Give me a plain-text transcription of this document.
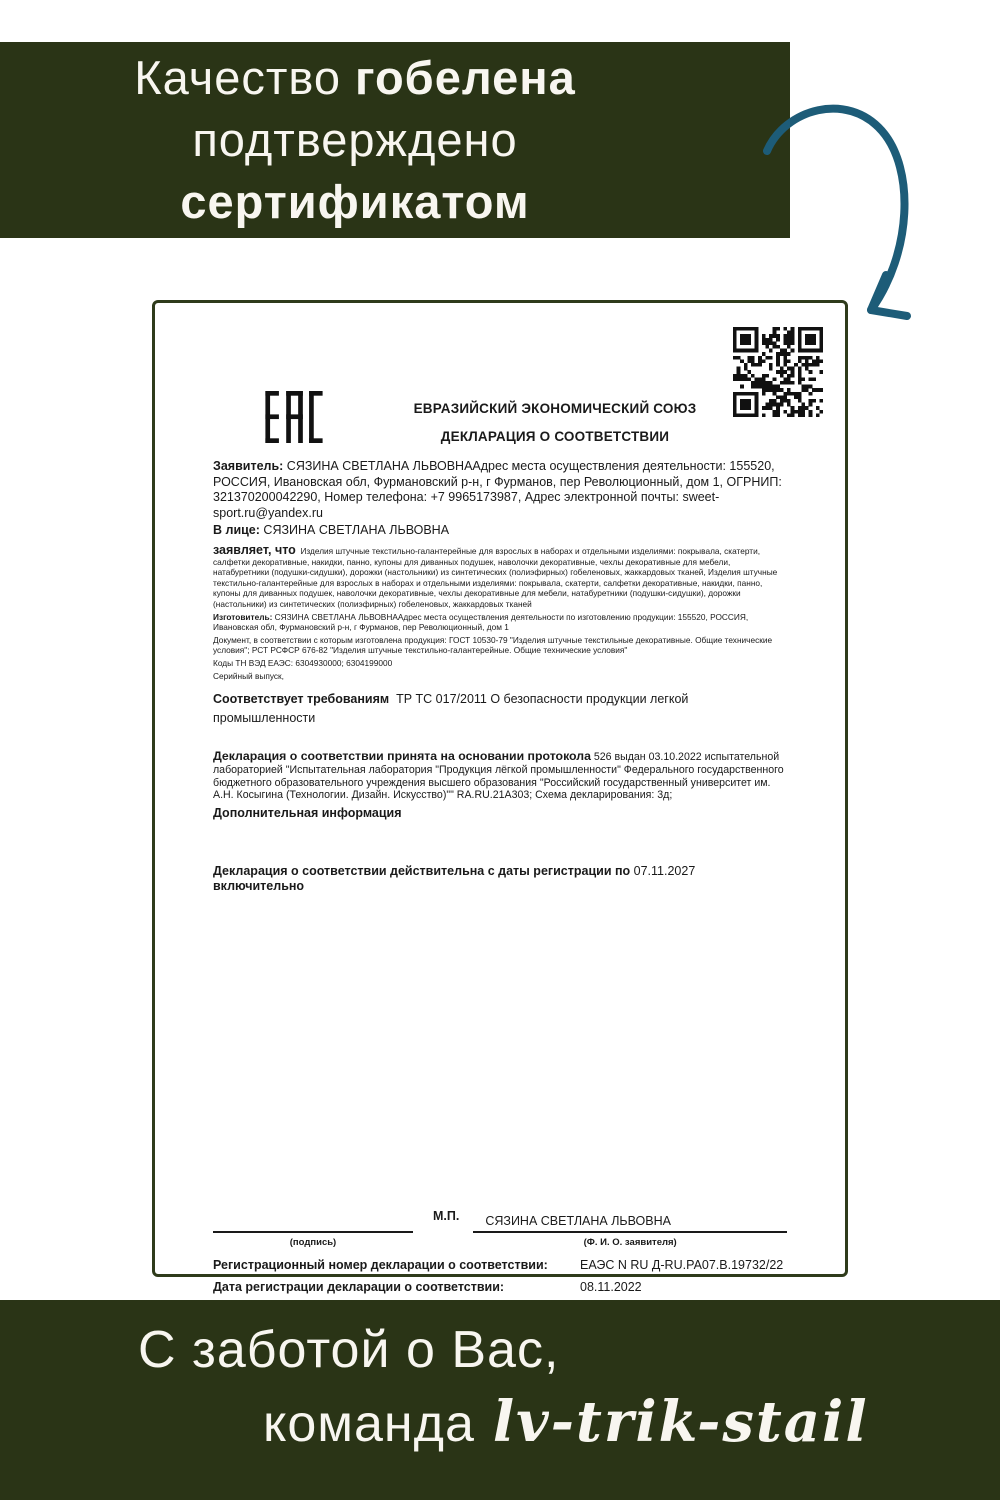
Качество гобелена
подтверждено
сертификатом
ЕВРАЗИЙСКИЙ ЭКОНОМИЧЕСКИЙ СОЮЗ
ДЕКЛАРАЦИЯ О СООТВЕТСТВИИ

Заявитель: СЯЗИНА СВЕТЛАНА ЛЬВОВНААдрес места осуществления деятельности: 155520, РОССИЯ, Ивановская обл, Фурмановский р-н, г Фурманов, пер Революционный, дом 1, ОГРНИП: 321370200042290, Номер телефона: +7 9965173987, Адрес электронной почты: sweet-sport.ru@yandex.ru

В лице: СЯЗИНА СВЕТЛАНА ЛЬВОВНА

заявляет, что Изделия штучные текстильно-галантерейные для взрослых в наборах и отдельными изделиями: покрывала, скатерти, салфетки декоративные, накидки, панно, купоны для диванных подушек, наволочки декоративные, чехлы декоративные для мебели, натабуретники (подушки-сидушки), дорожки (настольники) из синтетических (полиэфирных) гобеленовых, жаккардовых тканей, Изделия штучные текстильно-галантерейные для взрослых в наборах и отдельными изделиями: покрывала, скатерти, салфетки декоративные, накидки, панно, купоны для диванных подушек, наволочки декоративные, чехлы декоративные для мебели, натабуретники (подушки-сидушки), дорожки (настольники) из синтетических (полиэфирных) гобеленовых, жаккардовых тканей

Изготовитель: СЯЗИНА СВЕТЛАНА ЛЬВОВНААдрес места осуществления деятельности по изготовлению продукции: 155520, РОССИЯ, Ивановская обл, Фурмановский р-н, г Фурманов, пер Революционный, дом 1

Документ, в соответствии с которым изготовлена продукция: ГОСТ 10530-79 "Изделия штучные текстильные декоративные. Общие технические условия"; РСТ РСФСР 676-82 "Изделия штучные текстильно-галантерейные. Общие технические условия"

Коды ТН ВЭД ЕАЭС: 6304930000; 6304199000

Серийный выпуск,

Соответствует требованиям ТР ТС 017/2011 О безопасности продукции легкой промышленности

Декларация о соответствии принята на основании протокола 526 выдан 03.10.2022 испытательной лабораторией "Испытательная лаборатория "Продукция лёгкой промышленности" Федерального государственного бюджетного образовательного учреждения высшего образования "Российский государственный университет им. А.Н. Косыгина (Технологии. Дизайн. Искусство)"" RA.RU.21А303; Схема декларирования: 3д;

Дополнительная информация

Декларация о соответствии действительна с даты регистрации по 07.11.2027
включительно

(подпись)
М.П.	СЯЗИНА СВЕТЛАНА ЛЬВОВНА
(Ф. И. О. заявителя)
Регистрационный номер декларации о соответствии:	ЕАЭС N RU Д-RU.РА07.В.19732/22
Дата регистрации декларации о соответствии:	08.11.2022
С заботой о Вас,
команда lv-trik-stail
